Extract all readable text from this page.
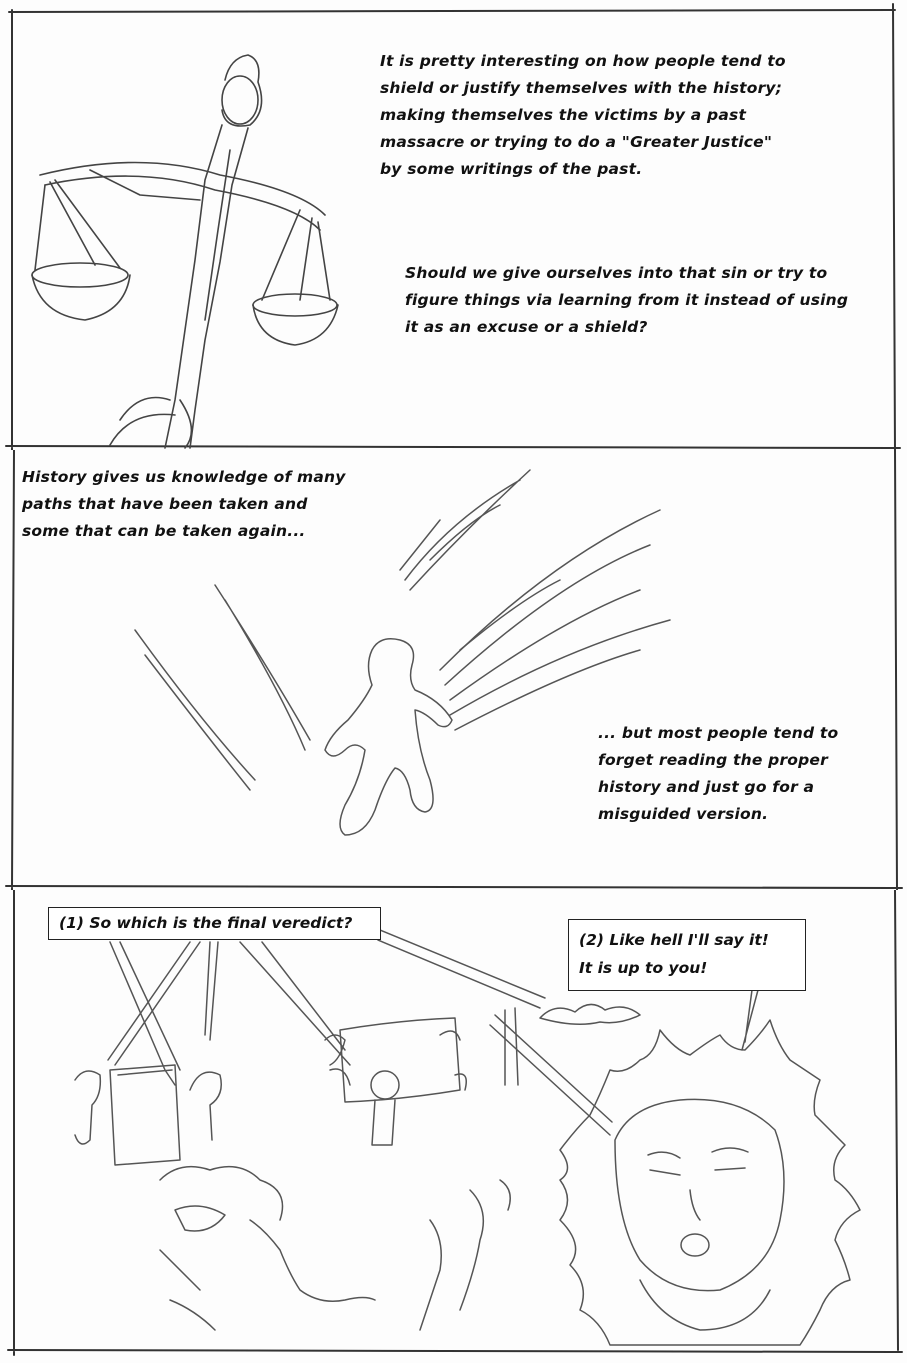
It is pretty interesting on how people tend to
shield or justify themselves with the history;
making themselves the victims by a past
massacre or trying to do a "Greater Justice"
by some writings of the past.
Should we give ourselves into that sin or try to
figure things via learning from it instead of using
it as an excuse or a shield?
History gives us knowledge of many
paths that have been taken and
some that can be taken again...
... but most people tend to
forget reading the proper
history and just go for a
misguided version.

(1) So which is the final veredict?

(2) Like hell I'll say it!

It is up to you!
